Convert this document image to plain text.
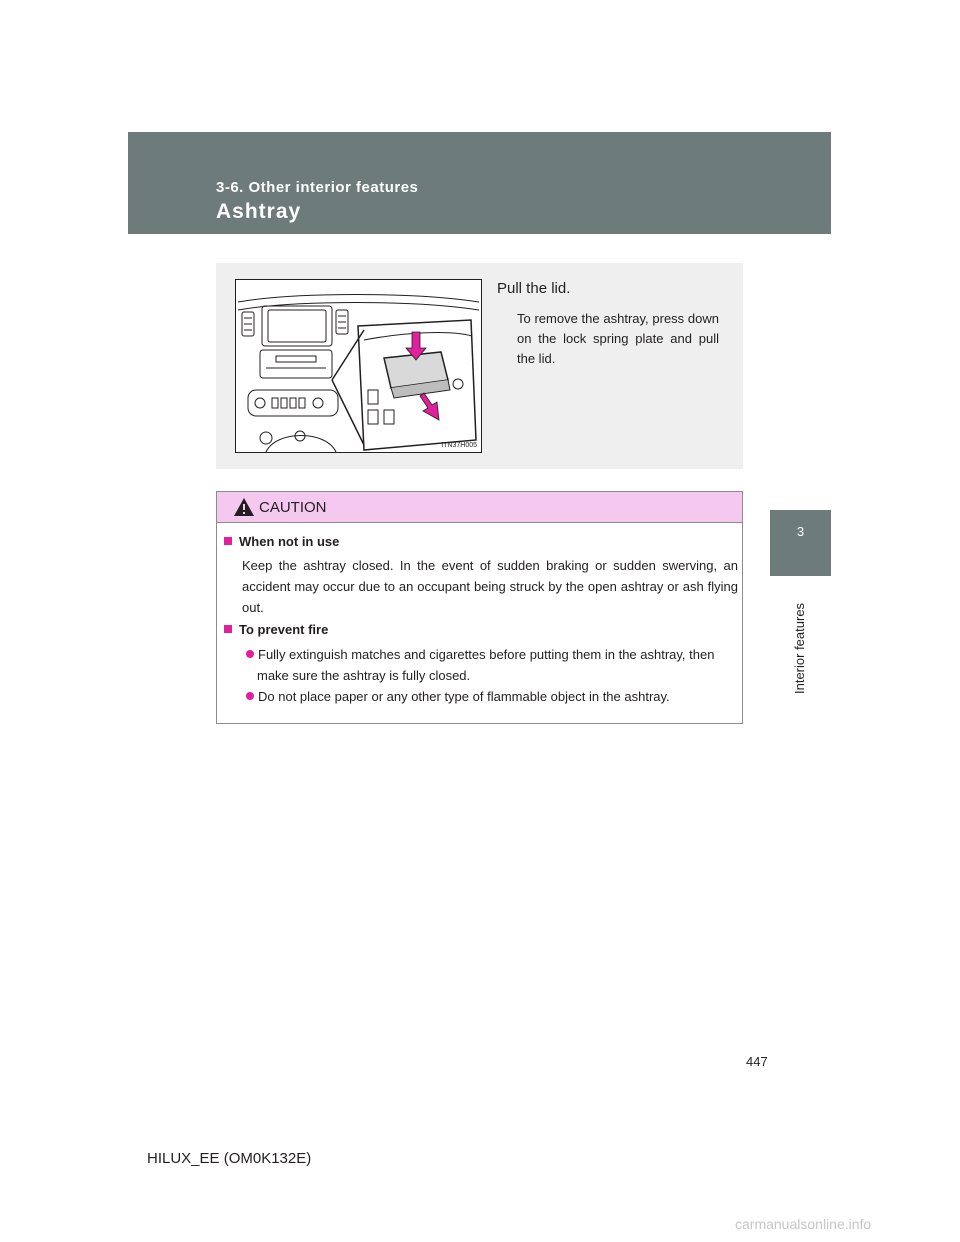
3-6. Other interior features
Ashtray
3
Interior features
ITN37H005
Pull the lid.
To remove the ashtray, press down on the lock spring plate and pull the lid.
CAUTION
When not in use
Keep the ashtray closed. In the event of sudden braking or sudden swerving, an accident may occur due to an occupant being struck by the open ashtray or ash flying out.
To prevent fire
Fully extinguish matches and cigarettes before putting them in the ashtray, then make sure the ashtray is fully closed.
Do not place paper or any other type of flammable object in the ashtray.
447
HILUX_EE (OM0K132E)
carmanualsonline.info
